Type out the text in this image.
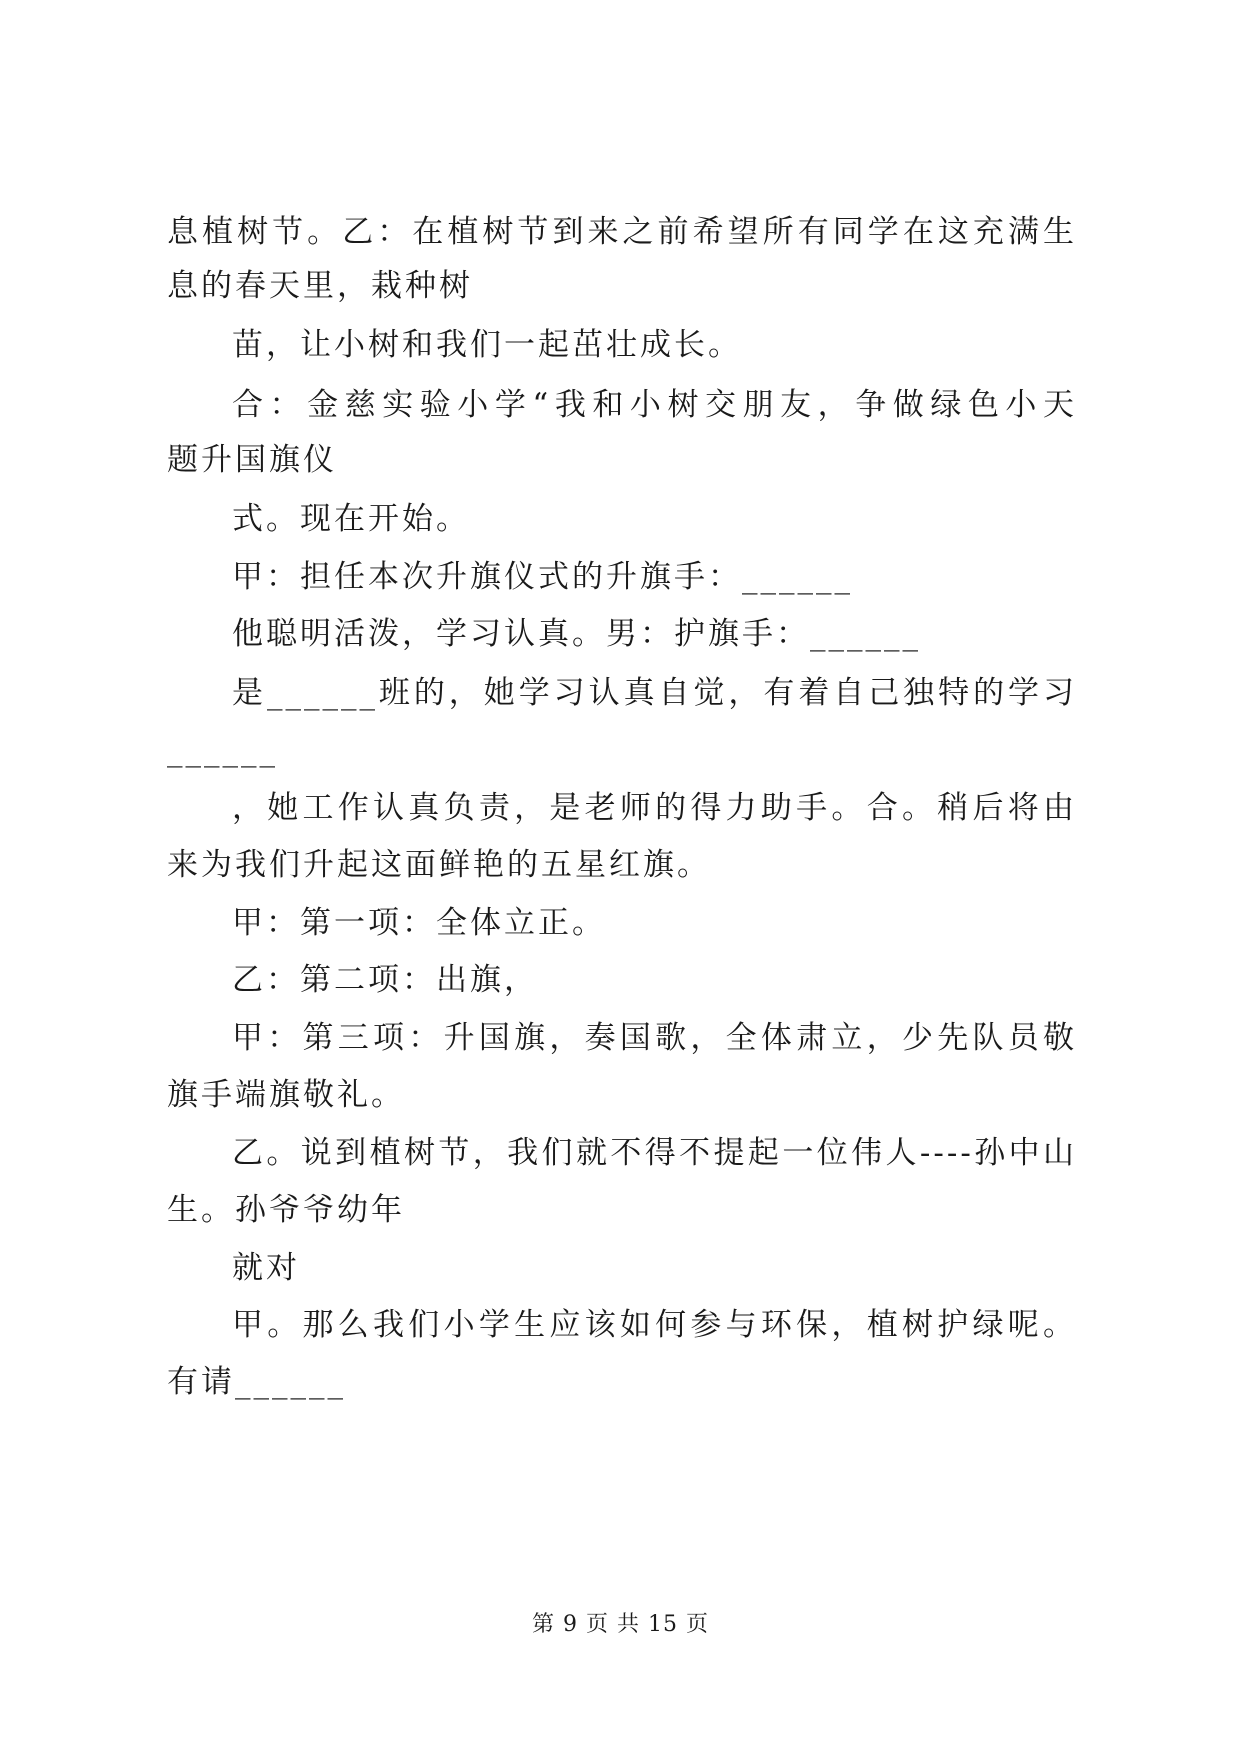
息植树节。乙：在植树节到来之前希望所有同学在这充满生
息的春天里，栽种树
苗，让小树和我们一起茁壮成长。
合：金慈实验小学“我和小树交朋友，争做绿色小天
题升国旗仪
式。现在开始。
甲：担任本次升旗仪式的升旗手：______
他聪明活泼，学习认真。男：护旗手：______
是______班的，她学习认真自觉，有着自己独特的学习
______
，她工作认真负责，是老师的得力助手。合。稍后将由
来为我们升起这面鲜艳的五星红旗。
甲：第一项：全体立正。
乙：第二项：出旗，
甲：第三项：升国旗，奏国歌，全体肃立，少先队员敬
旗手端旗敬礼。
乙。说到植树节，我们就不得不提起一位伟人----孙中山
生。孙爷爷幼年
就对
甲。那么我们小学生应该如何参与环保，植树护绿呢。
有请______
第 9 页 共 15 页
